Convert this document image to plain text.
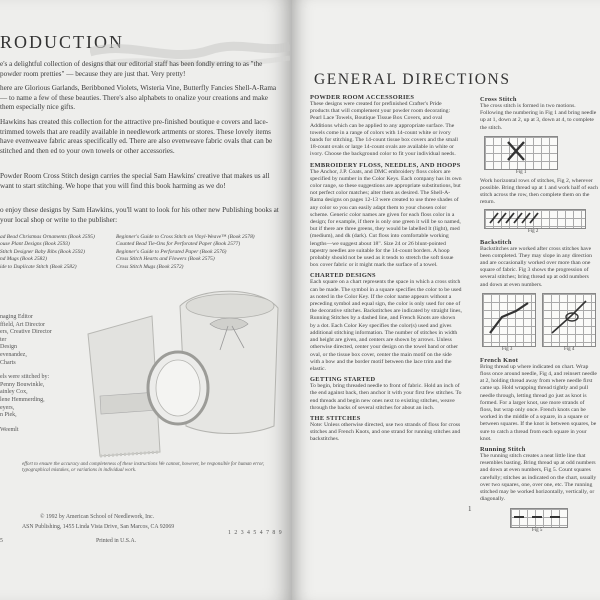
RODUCTION

e's a delightful collection of designs that our editorial staff has been fondly erring to as "the powder room pretties" — because they are just that. Very pretty!

here are Glorious Garlands, Beribboned Violets, Wisteria Vine, Butterfly Fancies Shell-A-Rama — to name a few of these beauties. There's also alphabets to onalize your creations and make them especially nice gifts.

Hawkins has created this collection for the attractive pre-finished boutique e covers and lace-trimmed towels that are readily available in needlework artments or stores. These lovely items have evenweave fabric areas specifically ed. There are also evenweave fabric ovals that can be stitched and then ed to your own towels or other accessories.

Powder Room Cross Stitch design carries the special Sam Hawkins' creative that makes us all want to start stitching. We hope that you will find this book harming as we do!

o enjoy these designs by Sam Hawkins, you'll want to look for his other new Publishing books at your local shop or write to the publisher:

ad Bead Christmas Ornaments (Book 2595)
ouse Plant Designs (Book 2593)
Stitch Designer Baby Bibs (Book 2592)
nd Mugs (Book 2582)
ide to Duplicate Stitch (Book 2582)
Beginner's Guide to Cross Stitch on Vinyl-Weave™ (Book 2578)
Counted Bead Tie-Ons for Perforated Paper (Book 2577)
Beginner's Guide to Perforated Paper (Book 2576)
Cross Stitch Hearts and Flowers (Book 2575)
Cross Stitch Mugs (Book 2572)
naging Editor
ffield, Art Director
ers, Creative Director
ter
Design
evenandez,
Charts
els were stitched by:
Penny Bouwinkle,
ainley Cox,
lene Hemmerding,
eyers,
n Piek,
Weemlt
effort to ensure the accuracy and completeness of these instructions We cannot, however, be responsible for human error, typographical mistakes, or variations in individual work.
© 1992 by American School of Needlework, Inc.
ASN Publishing, 1455 Linda Vista Drive, San Marcos, CA 92069
1 2 3 4 5 4 7 8 9
5	Printed in U.S.A.
GENERAL DIRECTIONS
POWDER ROOM ACCESSORIES

These designs were created for prefinished Crafter's Pride products that will complement your powder room decorating: Pearl Lace Towels, Boutique Tissue Box Covers, and oval Additions which can be applied to any appropriate surface. The towels come in a range of colors with 14-count white or ivory bands for stitching. The 14-count tissue box covers and the small 18-count ovals or large 14-count ovals are available in white or ivory. Choose the background color to fit your individual needs.

EMBROIDERY FLOSS, NEEDLES, AND HOOPS

The Anchor, J.P. Coats, and DMC embroidery floss colors are specified by number in the Color Keys. Each company has its own color range, so these suggestions are appropriate substitutions, but not perfect color matches; alter them as desired. The Shell-A-Rama designs on pages 12-13 were created to use three shades of any color so you can easily adapt them to your chosen color scheme. Generic color names are given for each floss color in a design; for example, if there is only one green it will be so named, but if there are three greens, they would be labelled lt (light), med (medium), and dk (dark). Cut floss into comfortable working lengths—we suggest about 18". Size 24 or 26 blunt-pointed tapestry needles are suitable for the 14-count borders. A hoop probably should not be used as it tends to stretch the soft tissue box cover fabric or it might mark the surface of a towel.

CHARTED DESIGNS

Each square on a chart represents the space in which a cross stitch can be made. The symbol in a square specifies the color to be used as noted in the Color Key. If the color name appears without a preceding symbol and equal sign, the color is only used for one of the decorative stitches. Backstitches are indicated by straight lines, Running Stitches by a dashed line, and French Knots are shown by a dot. Each Color Key specifies the color(s) used and gives additional stitching information. The number of stitches in width and height are given, and centers are shown by arrows. Unless otherwise directed, center your design on the towel band or other oval, or the tissue box cover, center the main motif on the side with a bow and the border motif between the lace trim and the elastic.

GETTING STARTED

To begin, bring threaded needle to front of fabric. Hold an inch of the end against back, then anchor it with your first few stitches. To end threads and begin new ones next to existing stitches, weave through the backs of several stitches for about an inch.

THE STITCHES

Note: Unless otherwise directed, use two strands of floss for cross stitches and French Knots, and one strand for running stitches and backstitches.

Cross Stitch

The cross stitch is formed in two motions. Following the numbering in Fig 1 and bring needle up at 1, down at 2, up at 3, down at 4, to complete the stitch.

Fig 1

Work horizontal rows of stitches, Fig 2, wherever possible. Bring thread up at 1 and work half of each stitch across the row, then complete them on the return.

Fig 2
Backstitch

Backstitches are worked after cross stitches have been completed. They may slope in any direction and are occasionally worked over more than one square of fabric. Fig 3 shows the progression of several stitches; bring thread up at odd numbers and down at even numbers.

Fig 3	Fig 4
French Knot

Bring thread up where indicated on chart. Wrap floss once around needle, Fig 4, and reinsert needle at 2, holding thread away from where needle first came up. Hold wrapping thread tightly and pull needle through, letting thread go just as knot is formed. For a larger knot, use more strands of floss, but wrap only once. French knots can be worked in the middle of a square, in a square or between squares. If the knot is between squares, be sure to catch a thread from each square in your knot.

Running Stitch

The running stitch creates a neat little line that resembles basting. Bring thread up at odd numbers and down at even numbers, Fig 5. Count squares carefully; stitches as indicated on the chart, usually over two squares, one, over one, etc. The running stitched may be worked horizontally, vertically, or diagonally.

Fig 5
1
